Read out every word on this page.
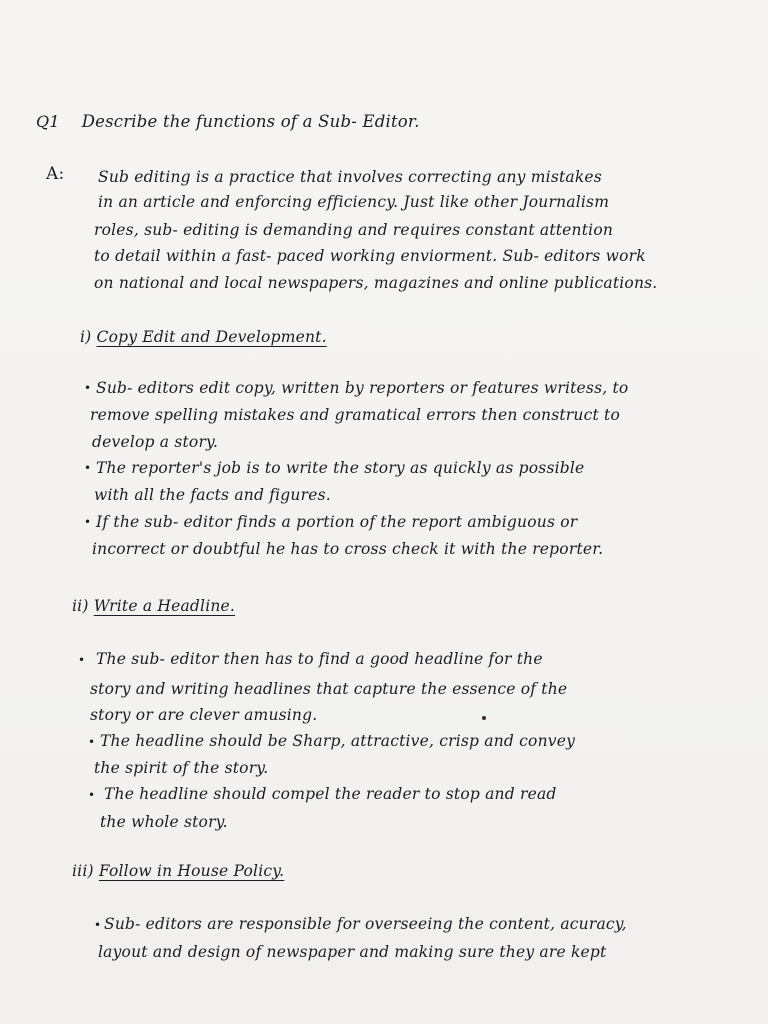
Q1 Describe the functions of a Sub- Editor.
A: Sub editing is a practice that involves correcting any mistakes
in an article and enforcing efficiency. Just like other Journalism
roles, sub- editing is demanding and requires constant attention
to detail within a fast- paced working enviorment. Sub- editors work
on national and local newspapers, magazines and online publications.
i) Copy Edit and Development.
• Sub- editors edit copy, written by reporters or features writess, to
remove spelling mistakes and gramatical errors then construct to
develop a story.
• The reporter's job is to write the story as quickly as possible
with all the facts and figures.
• If the sub- editor finds a portion of the report ambiguous or
incorrect or doubtful he has to cross check it with the reporter.
ii) Write a Headline.
• The sub- editor then has to find a good headline for the
story and writing headlines that capture the essence of the
story or are clever amusing.
• The headline should be Sharp, attractive, crisp and convey
the spirit of the story.
• The headline should compel the reader to stop and read
the whole story.
iii) Follow in House Policy.
• Sub- editors are responsible for overseeing the content, acuracy,
layout and design of newspaper and making sure they are kept
